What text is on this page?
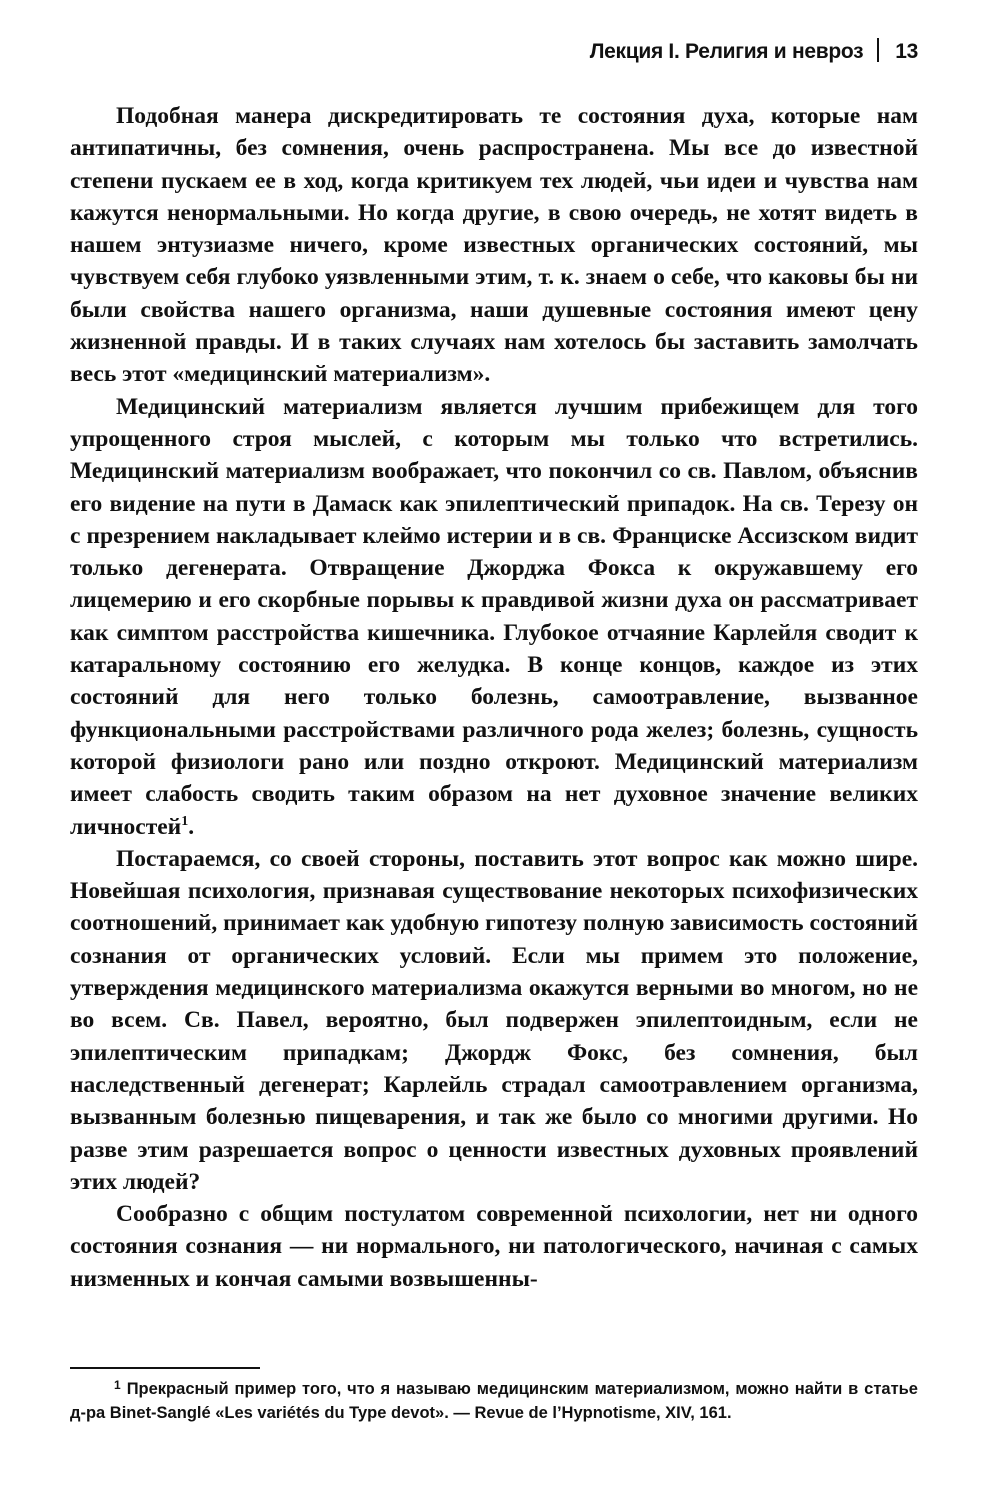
Лекция I. Религия и невроз 13

Подобная манера дискредитировать те состояния духа, которые нам антипатичны, без сомнения, очень распространена. Мы все до известной степени пускаем ее в ход, когда критикуем тех людей, чьи идеи и чувства нам кажутся ненормальными. Но когда другие, в свою очередь, не хотят видеть в нашем энтузиазме ничего, кроме известных органических состояний, мы чувствуем себя глубоко уязвленными этим, т. к. знаем о себе, что каковы бы ни были свойства нашего организма, наши душевные состояния имеют цену жизненной правды. И в таких случаях нам хотелось бы заставить замолчать весь этот «медицинский материализм».

Медицинский материализм является лучшим прибежищем для того упрощенного строя мыслей, с которым мы только что встретились. Медицинский материализм воображает, что покончил со св. Павлом, объяснив его видение на пути в Дамаск как эпилептический припадок. На св. Терезу он с презрением накладывает клеймо истерии и в св. Франциске Ассизском видит только дегенерата. Отвращение Джорджа Фокса к окружавшему его лицемерию и его скорбные порывы к правдивой жизни духа он рассматривает как симптом расстройства кишечника. Глубокое отчаяние Карлейля сводит к катаральному состоянию его желудка. В конце концов, каждое из этих состояний для него только болезнь, самоотравление, вызванное функциональными расстройствами различного рода желез; болезнь, сущность которой физиологи рано или поздно откроют. Медицинский материализм имеет слабость сводить таким образом на нет духовное значение великих личностей$^1$.

Постараемся, со своей стороны, поставить этот вопрос как можно шире. Новейшая психология, признавая существование некоторых психофизических соотношений, принимает как удобную гипотезу полную зависимость состояний сознания от органических условий. Если мы примем это положение, утверждения медицинского материализма окажутся верными во многом, но не во всем. Св. Павел, вероятно, был подвержен эпилептоидным, если не эпилептическим припадкам; Джордж Фокс, без сомнения, был наследственный дегенерат; Карлейль страдал самоотравлением организма, вызванным болезнью пищеварения, и так же было со многими другими. Но разве этим разрешается вопрос о ценности известных духовных проявлений этих людей?

Сообразно с общим постулатом современной психологии, нет ни одного состояния сознания — ни нормального, ни патологического, начиная с самых низменных и кончая самыми возвышенны-

$^1$ Прекрасный пример того, что я называю медицинским материализмом, можно найти в статье д-ра Binet-Sanglé «Les variétés du Type devot». — Revue de l’Hypnotisme, XIV, 161.
